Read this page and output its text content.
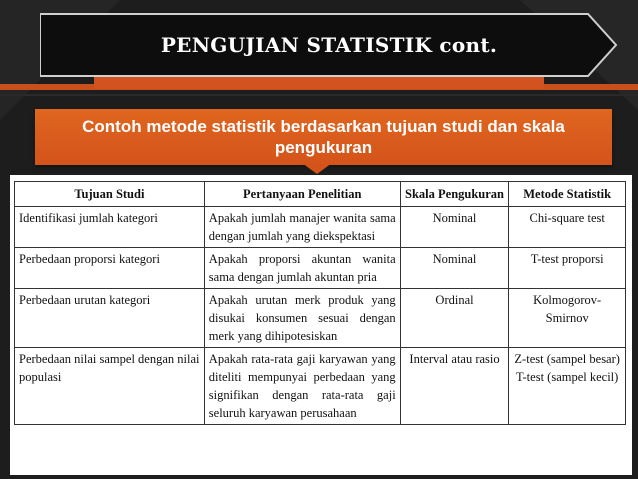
PENGUJIAN STATISTIK cont.
Contoh metode statistik berdasarkan tujuan studi dan skala pengukuran
Tujuan Studi	Pertanyaan Penelitian	Skala Pengukuran	Metode Statistik
Identifikasi jumlah kategori	Apakah jumlah manajer wanita sama dengan jumlah yang diekspektasi	Nominal	Chi-square test
Perbedaan proporsi kategori	Apakah proporsi akuntan wanita sama dengan jumlah akuntan pria	Nominal	T-test proporsi
Perbedaan urutan kategori	Apakah urutan merk produk yang disukai konsumen sesuai dengan merk yang dihipotesiskan	Ordinal	Kolmogorov-Smirnov
Perbedaan nilai sampel dengan nilai populasi	Apakah rata-rata gaji karyawan yang diteliti mempunyai perbedaan yang signifikan dengan rata-rata gaji seluruh karyawan perusahaan	Interval atau rasio	Z-test (sampel besar) T-test (sampel kecil)
